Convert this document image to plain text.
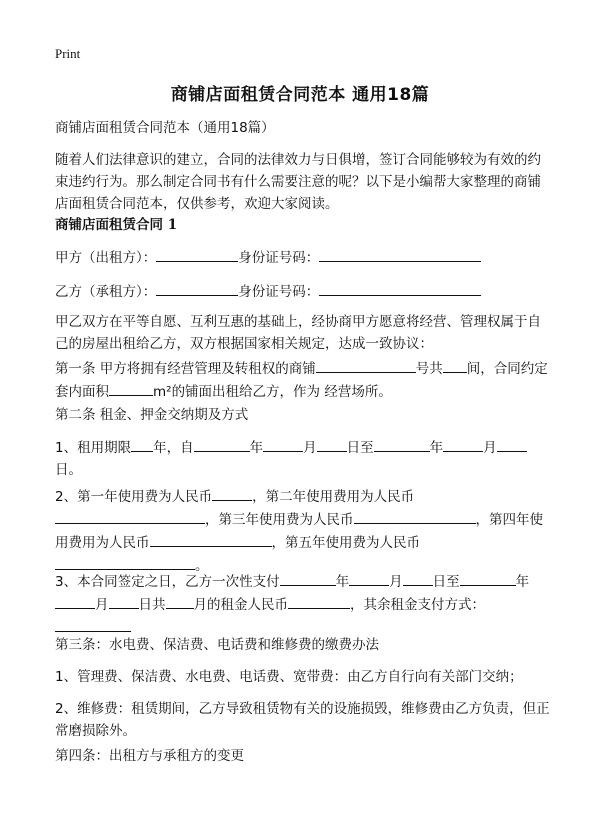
Print
商铺店面租赁合同范本 通用18篇

商铺店面租赁合同范本（通用18篇）

随着人们法律意识的建立，合同的法律效力与日俱增，签订合同能够较为有效的约束违约行为。那么制定合同书有什么需要注意的呢？以下是小编帮大家整理的商铺店面租赁合同范本，仅供参考，欢迎大家阅读。

商铺店面租赁合同 1

甲方（出租方）：	身份证号码：
乙方（承租方）：	身份证号码：

甲乙双方在平等自愿、互利互惠的基础上，经协商甲方愿意将经营、管理权属于自己的房屋出租给乙方，双方根据国家相关规定，达成一致协议：

第一条 甲方将拥有经营管理及转租权的商铺	号共 间，合同约定套内面积	m²的铺面出租给乙方，作为 经营场所。

第二条 租金、押金交纳期及方式

1、租用期限 年，自	年	月 日至	年	月日。

2、第一年使用费为人民币	，第二年使用费用为人民币，第三年使用费为人民币	，第四年使用费用为人民币	，第五年使用费为人民币。

3、本合同签定之日，乙方一次性支付	年	月 日至	年月 日共 月的租金人民币	，其余租金支付方式：

第三条：水电费、保洁费、电话费和维修费的缴费办法

1、管理费、保洁费、水电费、电话费、宽带费：由乙方自行向有关部门交纳；

2、维修费：租赁期间，乙方导致租赁物有关的设施损毁，维修费由乙方负责，但正常磨损除外。

第四条：出租方与承租方的变更
